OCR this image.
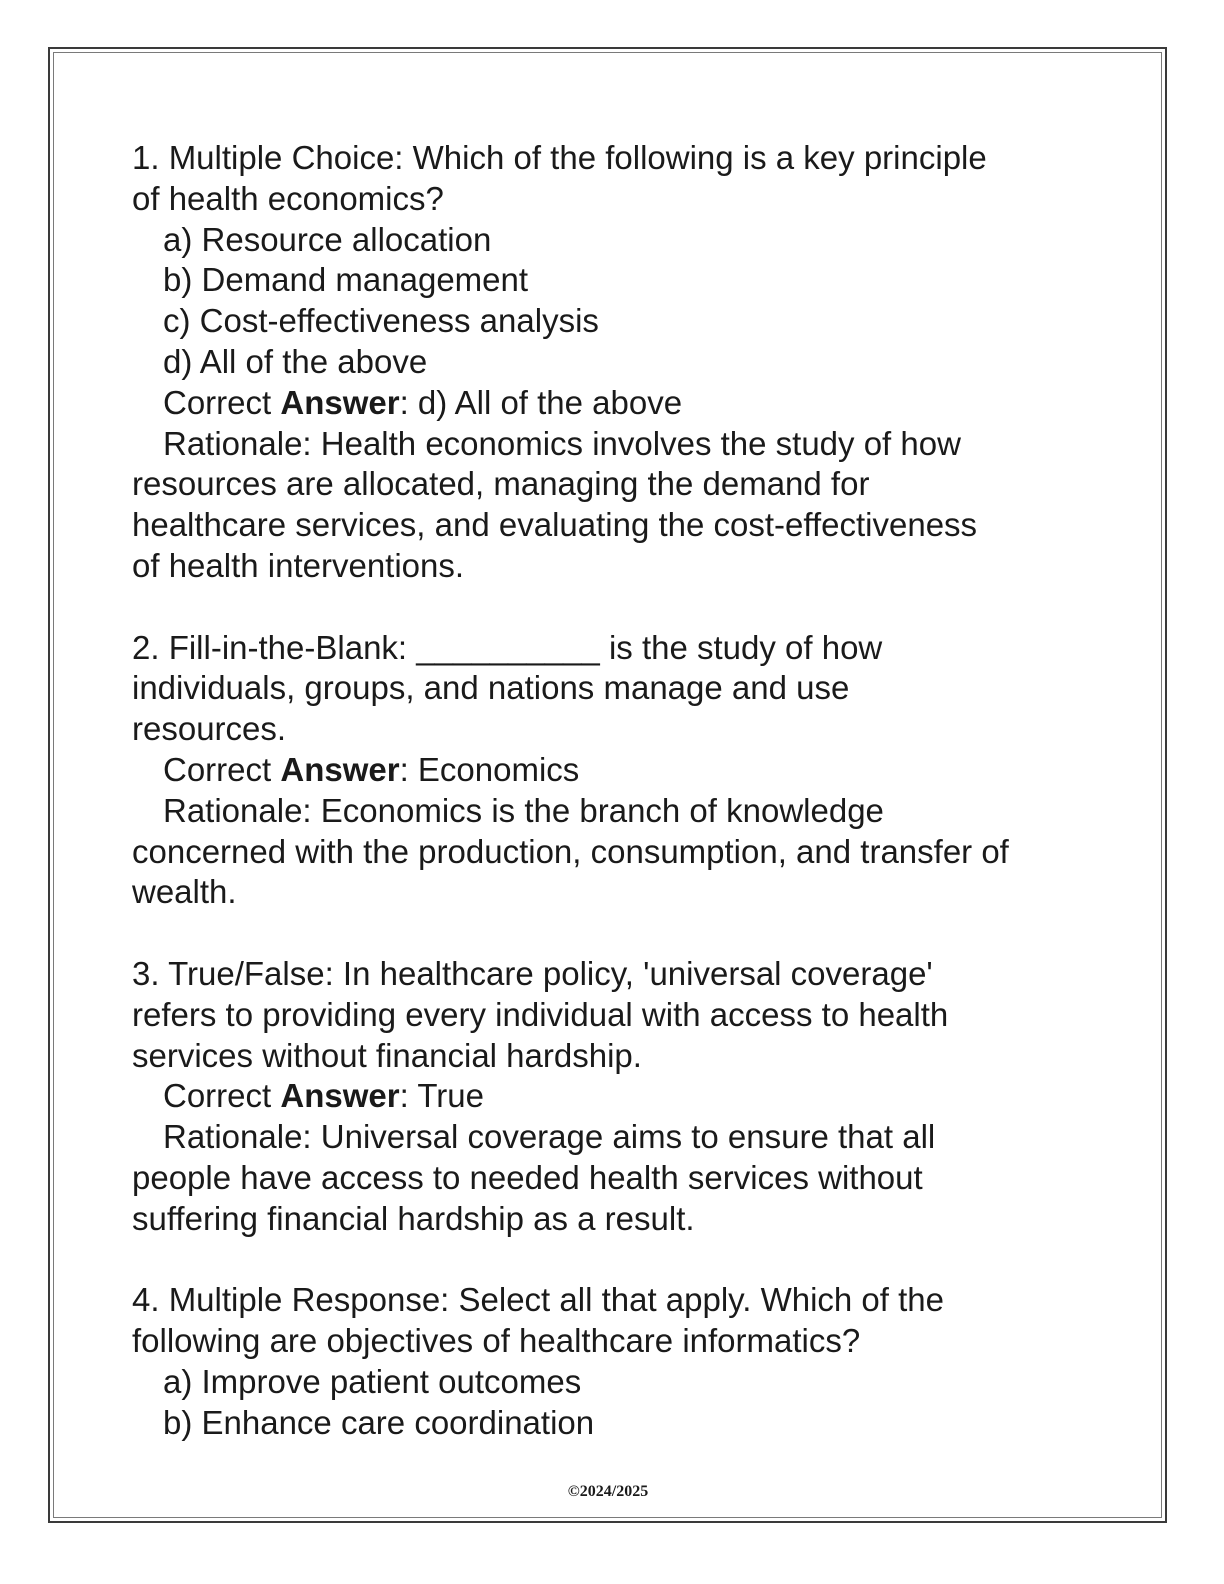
1. Multiple Choice: Which of the following is a key principle
of health economics?
a) Resource allocation
b) Demand management
c) Cost-effectiveness analysis
d) All of the above
Correct Answer: d) All of the above
Rationale: Health economics involves the study of how
resources are allocated, managing the demand for
healthcare services, and evaluating the cost-effectiveness
of health interventions.
2. Fill-in-the-Blank: __________ is the study of how
individuals, groups, and nations manage and use
resources.
Correct Answer: Economics
Rationale: Economics is the branch of knowledge
concerned with the production, consumption, and transfer of
wealth.
3. True/False: In healthcare policy, 'universal coverage'
refers to providing every individual with access to health
services without financial hardship.
Correct Answer: True
Rationale: Universal coverage aims to ensure that all
people have access to needed health services without
suffering financial hardship as a result.
4. Multiple Response: Select all that apply. Which of the
following are objectives of healthcare informatics?
a) Improve patient outcomes
b) Enhance care coordination
©2024/2025
